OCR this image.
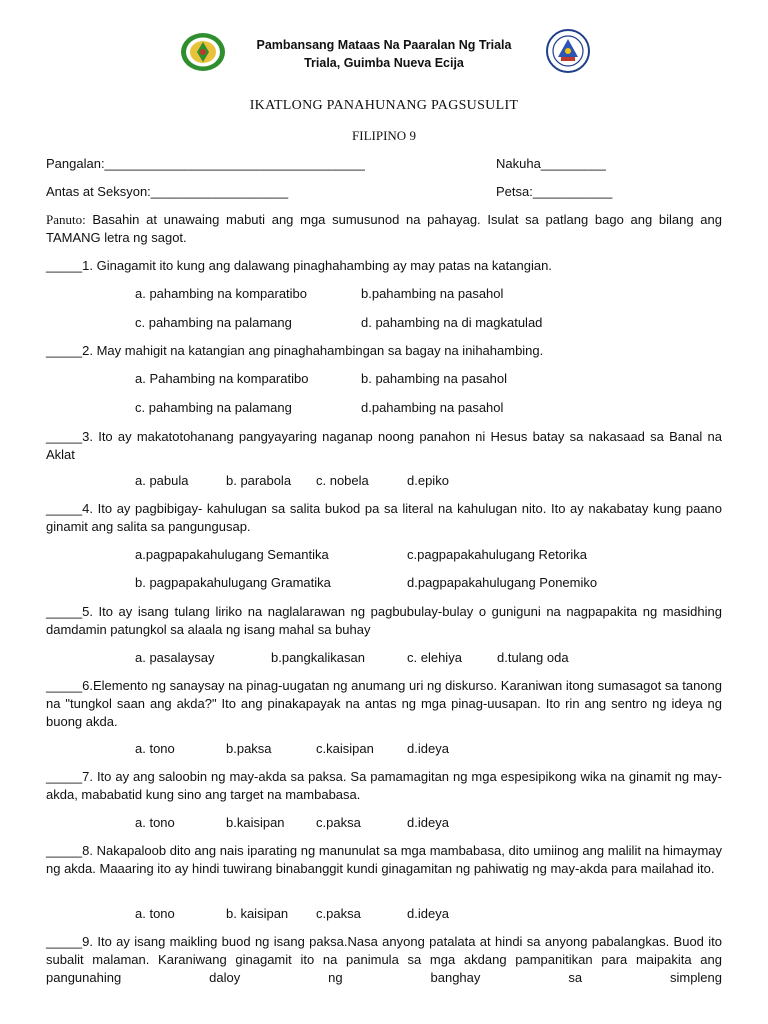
Pambansang Mataas Na Paaralan Ng Triala
Triala, Guimba Nueva Ecija
IKATLONG PANAHUNANG PAGSUSULIT
FILIPINO 9
Pangalan:____________________________________	Nakuha_________
Antas at Seksyon:___________________	Petsa:___________
Panuto: Basahin at unawaing mabuti ang mga sumusunod na pahayag. Isulat sa patlang bago ang bilang ang TAMANG letra ng sagot.
_____1. Ginagamit ito kung ang dalawang pinaghahambing ay may patas na katangian.
a. pahambing na komparatibo	b.pahambing na pasahol
c. pahambing na palamang	d. pahambing na di magkatulad
_____2. May mahigit na katangian ang pinaghahambingan sa bagay na inihahambing.
a. Pahambing na komparatibo	b. pahambing na pasahol
c. pahambing na palamang	d.pahambing na pasahol
_____3. Ito ay makatotohanang pangyayaring naganap noong panahon ni Hesus batay sa nakasaad sa Banal na Aklat
a. pabula	b. parabola c. nobela	d.epiko
_____4. Ito ay pagbibigay- kahulugan sa salita bukod pa sa literal na kahulugan nito. Ito ay nakabatay kung paano ginamit ang salita sa pangungusap.
a.pagpapakahulugang Semantika	c.pagpapakahulugang Retorika
b. pagpapakahulugang Gramatika	d.pagpapakahulugang Ponemiko
_____5. Ito ay isang tulang liriko na naglalarawan ng pagbubulay-bulay o guniguni na nagpapakita ng masidhing damdamin patungkol sa alaala ng isang mahal sa buhay
a. pasalaysay	b.pangkalikasan	c. elehiya	d.tulang oda
_____6.Elemento ng sanaysay na pinag-uugatan ng anumang uri ng diskurso. Karaniwan itong sumasagot sa tanong na "tungkol saan ang akda?" Ito ang pinakapayak na antas ng mga pinag-uusapan. Ito rin ang sentro ng ideya ng buong akda.
a. tono	b.paksa	c.kaisipan	d.ideya
_____7. Ito ay ang saloobin ng may-akda sa paksa. Sa pamamagitan ng mga espesipikong wika na ginamit ng may-akda, mababatid kung sino ang target na mambabasa.
a. tono	b.kaisipan c.paksa	d.ideya
_____8. Nakapaloob dito ang nais iparating ng manunulat sa mga mambabasa, dito umiinog ang malilit na himaymay ng akda. Maaaring ito ay hindi tuwirang binabanggit kundi ginagamitan ng pahiwatig ng may-akda para mailahad ito.
a. tono	b. kaisipan c.paksa	d.ideya
_____9. Ito ay isang maikling buod ng isang paksa.Nasa anyong patalata at hindi sa anyong pabalangkas. Buod ito subalit malaman. Karaniwang ginagamit ito na panimula sa mga akdang pampanitikan para maipakita ang pangunahing daloy ng banghay sa simpleng
